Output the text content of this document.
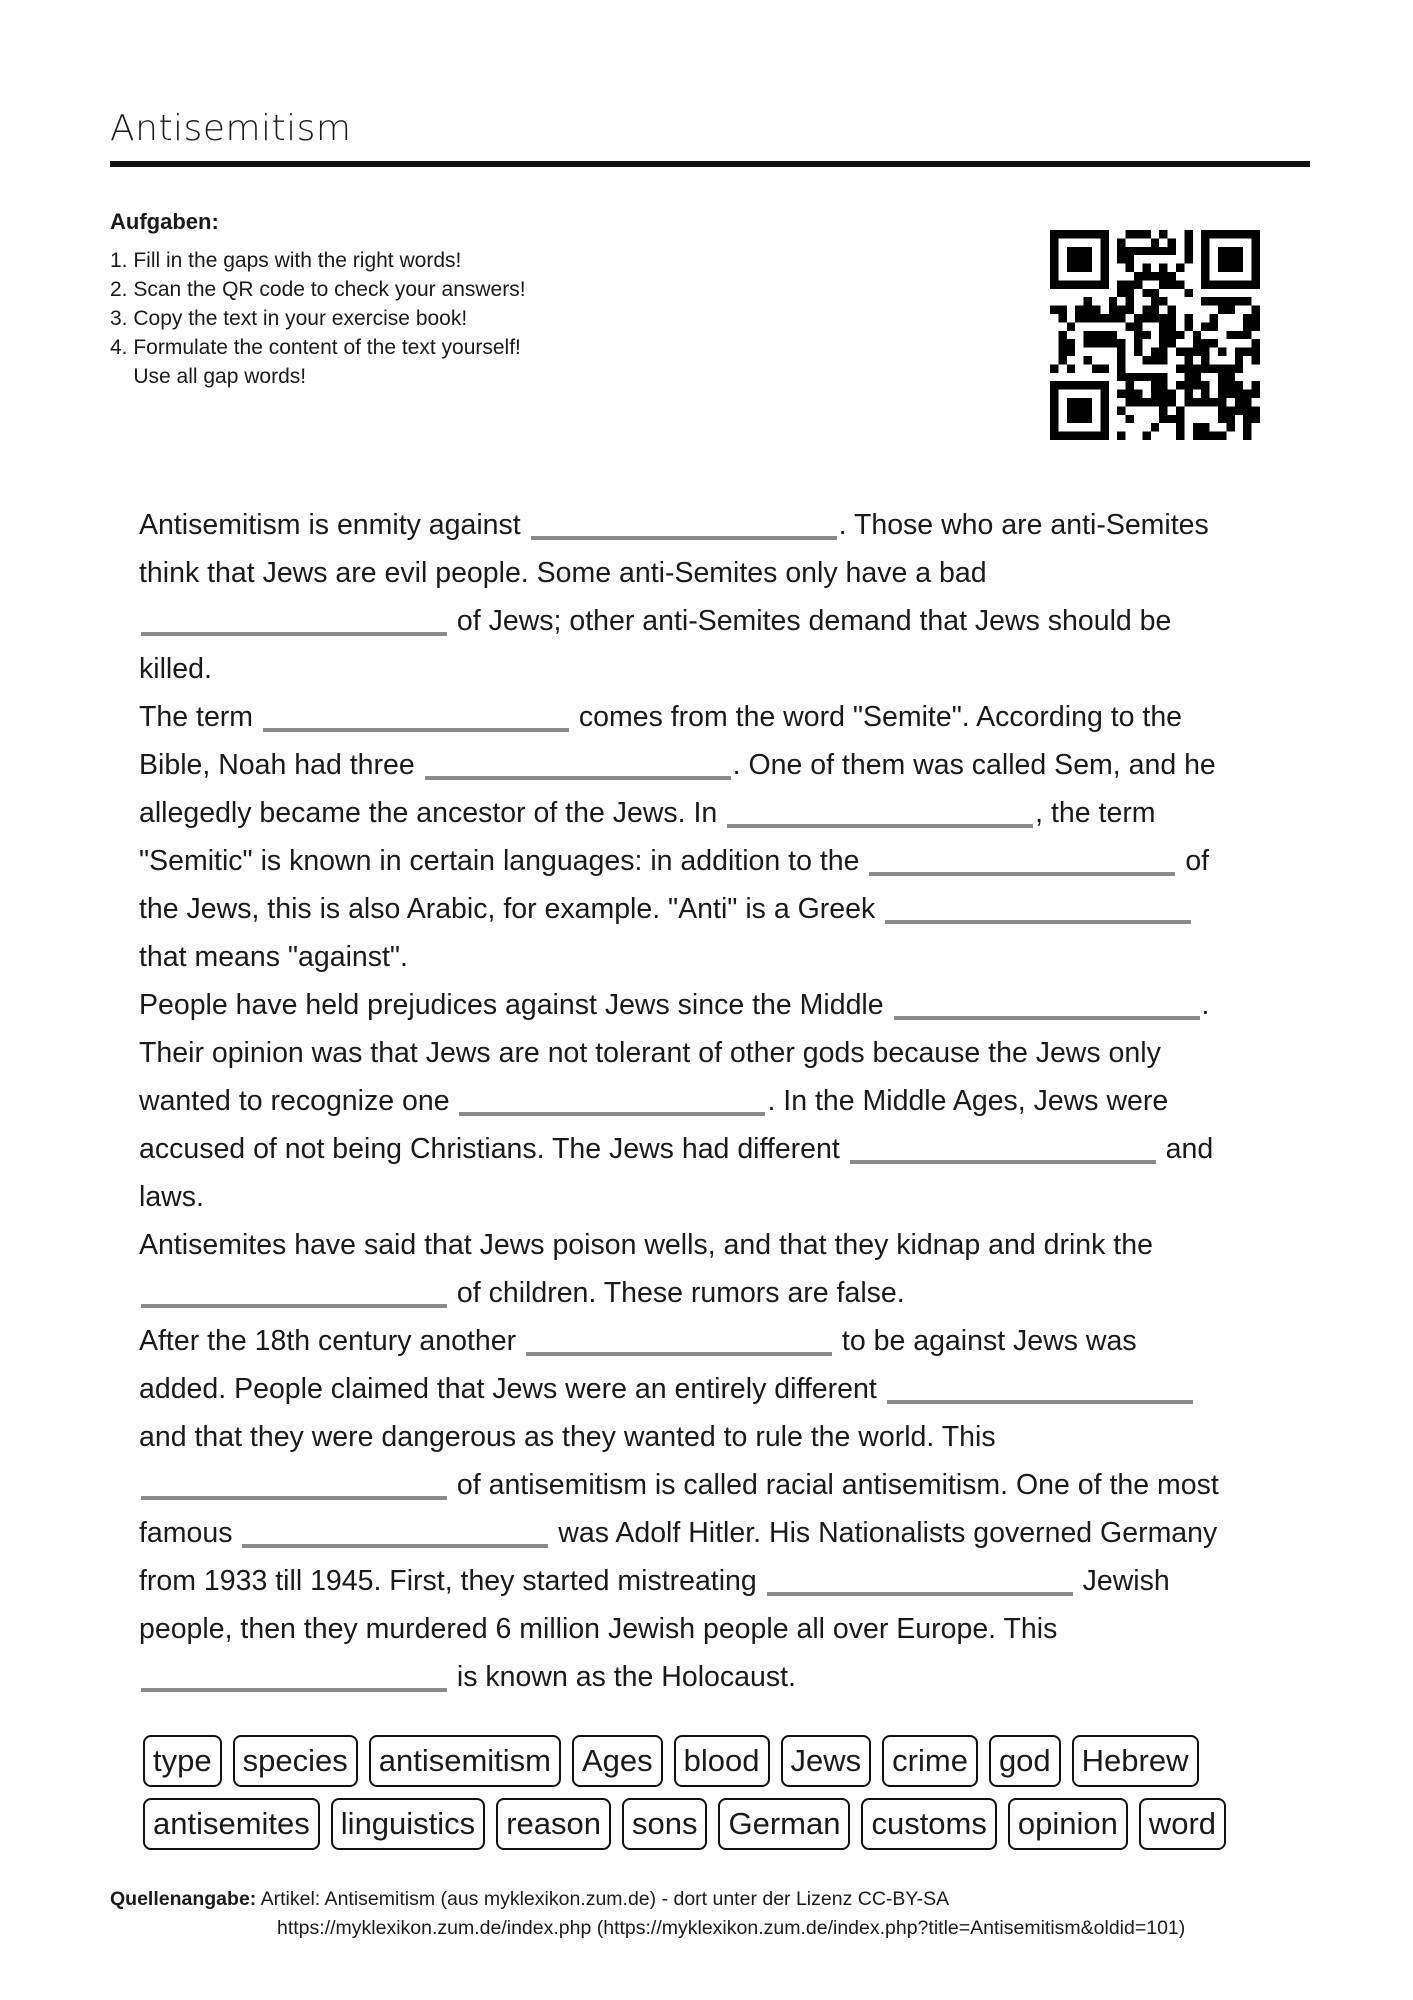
Antisemitism
Aufgaben:
1. Fill in the gaps with the right words!
2. Scan the QR code to check your answers!
3. Copy the text in your exercise book!
4. Formulate the content of the text yourself!
Use all gap words!
Antisemitism is enmity against	. Those who are anti-Semites
think that Jews are evil people. Some anti-Semites only have a bad
of Jews; other anti-Semites demand that Jews should be
killed.
The term	comes from the word "Semite". According to the
Bible, Noah had three	. One of them was called Sem, and he
allegedly became the ancestor of the Jews. In	, the term
"Semitic" is known in certain languages: in addition to the	of
the Jews, this is also Arabic, for example. "Anti" is a Greek
that means "against".
People have held prejudices against Jews since the Middle	.
Their opinion was that Jews are not tolerant of other gods because the Jews only
wanted to recognize one	. In the Middle Ages, Jews were
accused of not being Christians. The Jews had different	and
laws.
Antisemites have said that Jews poison wells, and that they kidnap and drink the
of children. These rumors are false.
After the 18th century another	to be against Jews was
added. People claimed that Jews were an entirely different
and that they were dangerous as they wanted to rule the world. This
of antisemitism is called racial antisemitism. One of the most
famous	was Adolf Hitler. His Nationalists governed Germany
from 1933 till 1945. First, they started mistreating	Jewish
people, then they murdered 6 million Jewish people all over Europe. This
is known as the Holocaust.
type	species	antisemitism	Ages	blood	Jews	crime	god	Hebrew
antisemites	linguistics	reason	sons	German	customs	opinion	word
Quellenangabe: Artikel: Antisemitism (aus myklexikon.zum.de) - dort unter der Lizenz CC-BY-SA
https://myklexikon.zum.de/index.php (https://myklexikon.zum.de/index.php?title=Antisemitism&oldid=101)
